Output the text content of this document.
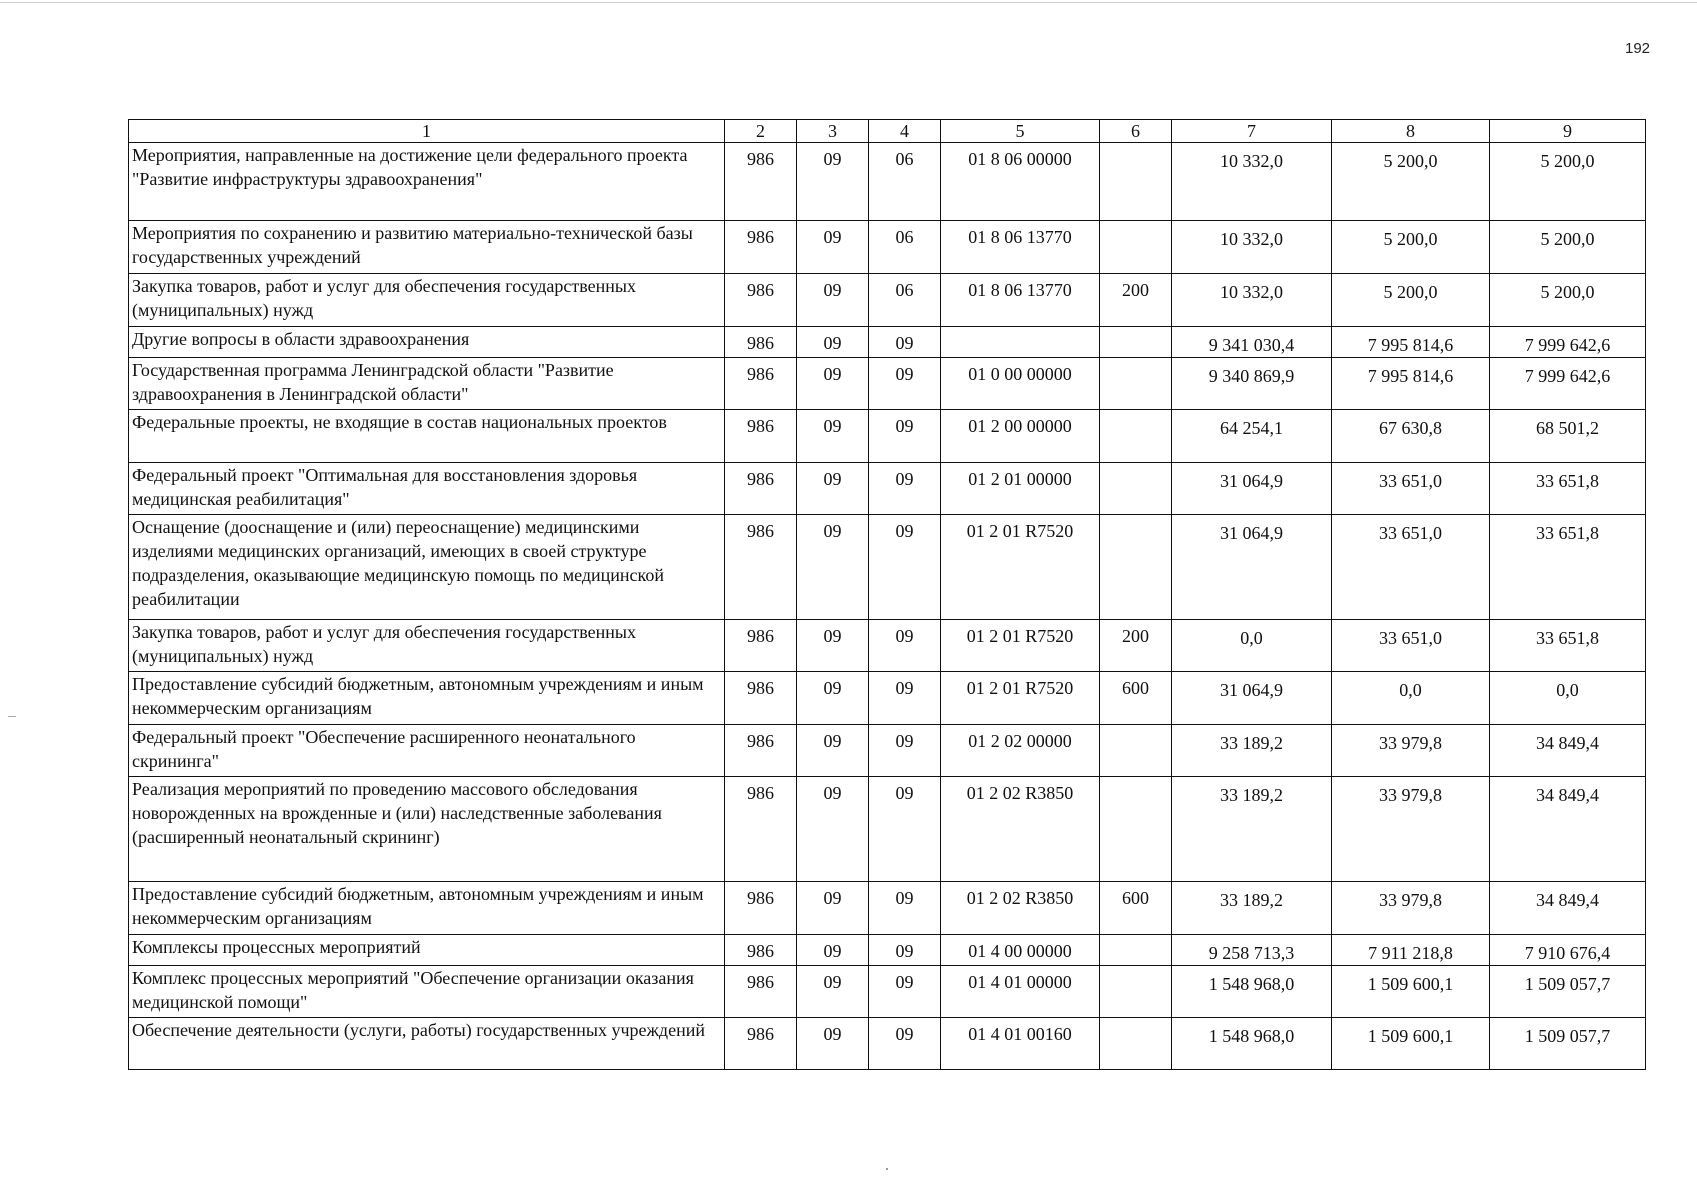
192
1	2	3	4	5	6	7	8	9
Мероприятия, направленные на достижение цели федерального проекта "Развитие инфраструктуры здравоохранения"	986	09	06	01 8 06 00000		10 332,0	5 200,0	5 200,0
Мероприятия по сохранению и развитию материально-технической базы государственных учреждений	986	09	06	01 8 06 13770		10 332,0	5 200,0	5 200,0
Закупка товаров, работ и услуг для обеспечения государственных (муниципальных) нужд	986	09	06	01 8 06 13770	200	10 332,0	5 200,0	5 200,0
Другие вопросы в области здравоохранения	986	09	09			9 341 030,4	7 995 814,6	7 999 642,6
Государственная программа Ленинградской области "Развитие здравоохранения в Ленинградской области"	986	09	09	01 0 00 00000		9 340 869,9	7 995 814,6	7 999 642,6
Федеральные проекты, не входящие в состав национальных проектов	986	09	09	01 2 00 00000		64 254,1	67 630,8	68 501,2
Федеральный проект "Оптимальная для восстановления здоровья медицинская реабилитация"	986	09	09	01 2 01 00000		31 064,9	33 651,0	33 651,8
Оснащение (дооснащение и (или) переоснащение) медицинскими изделиями медицинских организаций, имеющих в своей структуре подразделения, оказывающие медицинскую помощь по медицинской реабилитации	986	09	09	01 2 01 R7520		31 064,9	33 651,0	33 651,8
Закупка товаров, работ и услуг для обеспечения государственных (муниципальных) нужд	986	09	09	01 2 01 R7520	200	0,0	33 651,0	33 651,8
Предоставление субсидий бюджетным, автономным учреждениям и иным некоммерческим организациям	986	09	09	01 2 01 R7520	600	31 064,9	0,0	0,0
Федеральный проект "Обеспечение расширенного неонатального скрининга"	986	09	09	01 2 02 00000		33 189,2	33 979,8	34 849,4
Реализация мероприятий по проведению массового обследования новорожденных на врожденные и (или) наследственные заболевания (расширенный неонатальный скрининг)	986	09	09	01 2 02 R3850		33 189,2	33 979,8	34 849,4
Предоставление субсидий бюджетным, автономным учреждениям и иным некоммерческим организациям	986	09	09	01 2 02 R3850	600	33 189,2	33 979,8	34 849,4
Комплексы процессных мероприятий	986	09	09	01 4 00 00000		9 258 713,3	7 911 218,8	7 910 676,4
Комплекс процессных мероприятий "Обеспечение организации оказания медицинской помощи"	986	09	09	01 4 01 00000		1 548 968,0	1 509 600,1	1 509 057,7
Обеспечение деятельности (услуги, работы) государственных учреждений	986	09	09	01 4 01 00160		1 548 968,0	1 509 600,1	1 509 057,7
